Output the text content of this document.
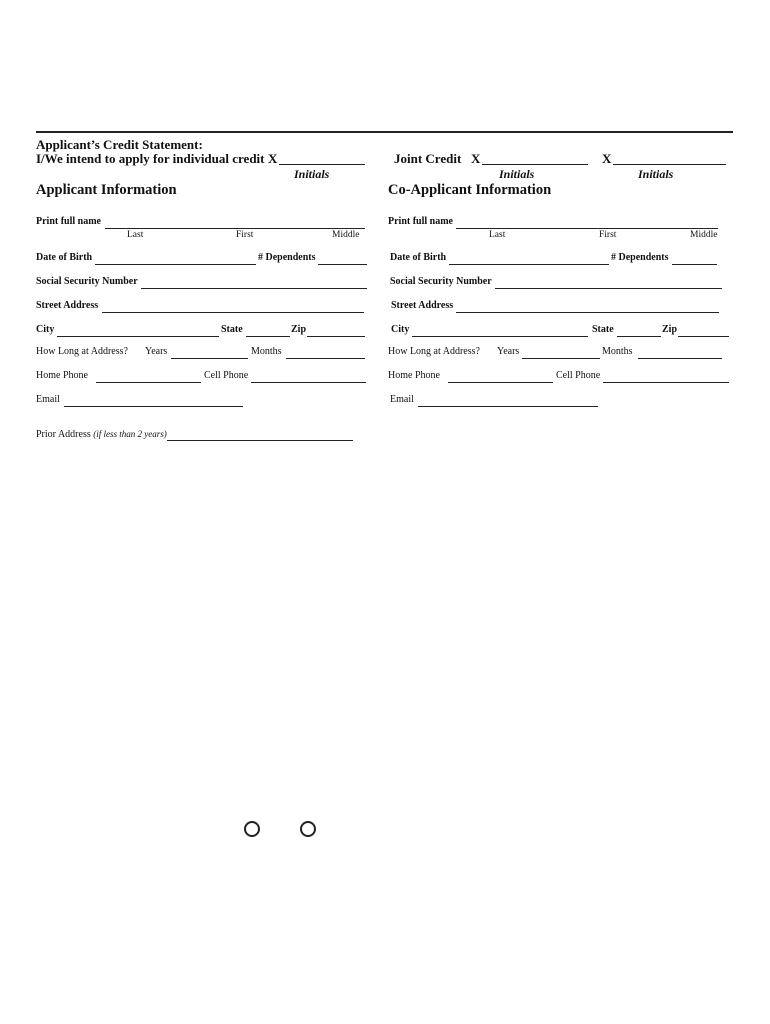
Applicant’s Credit Statement:
I/We intend to apply for individual credit X
Initials
Joint Credit X
Initials
X
Initials
Applicant Information	Co-Applicant Information
Print full name
Last	First	Middle
Date of Birth	# Dependents
Social Security Number
Street Address
City	State	Zip
How Long at Address? Years	Months
Home Phone	Cell Phone
Email
Prior Address (if less than 2 years)
Print full name
Last	First	Middle
Date of Birth	# Dependents
Social Security Number
Street Address
City	State	Zip
How Long at Address? Years	Months
Home Phone	Cell Phone
Email
